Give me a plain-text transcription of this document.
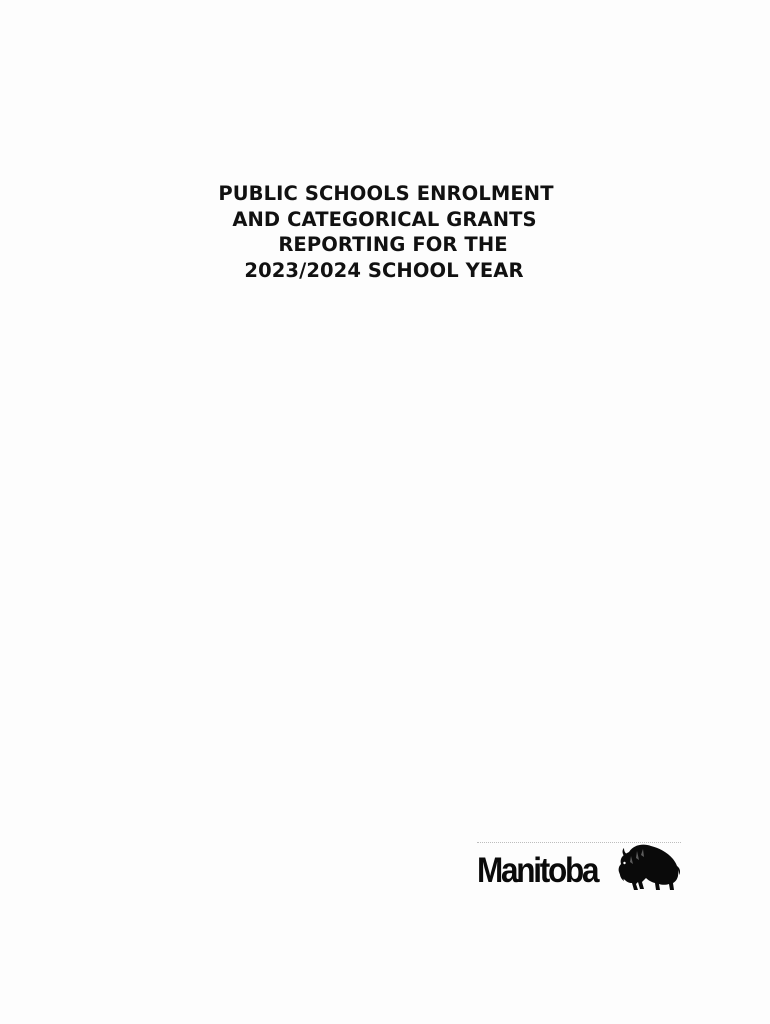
PUBLIC SCHOOLS ENROLMENT
AND CATEGORICAL GRANTS
REPORTING FOR THE
2023/2024 SCHOOL YEAR
Manitoba
